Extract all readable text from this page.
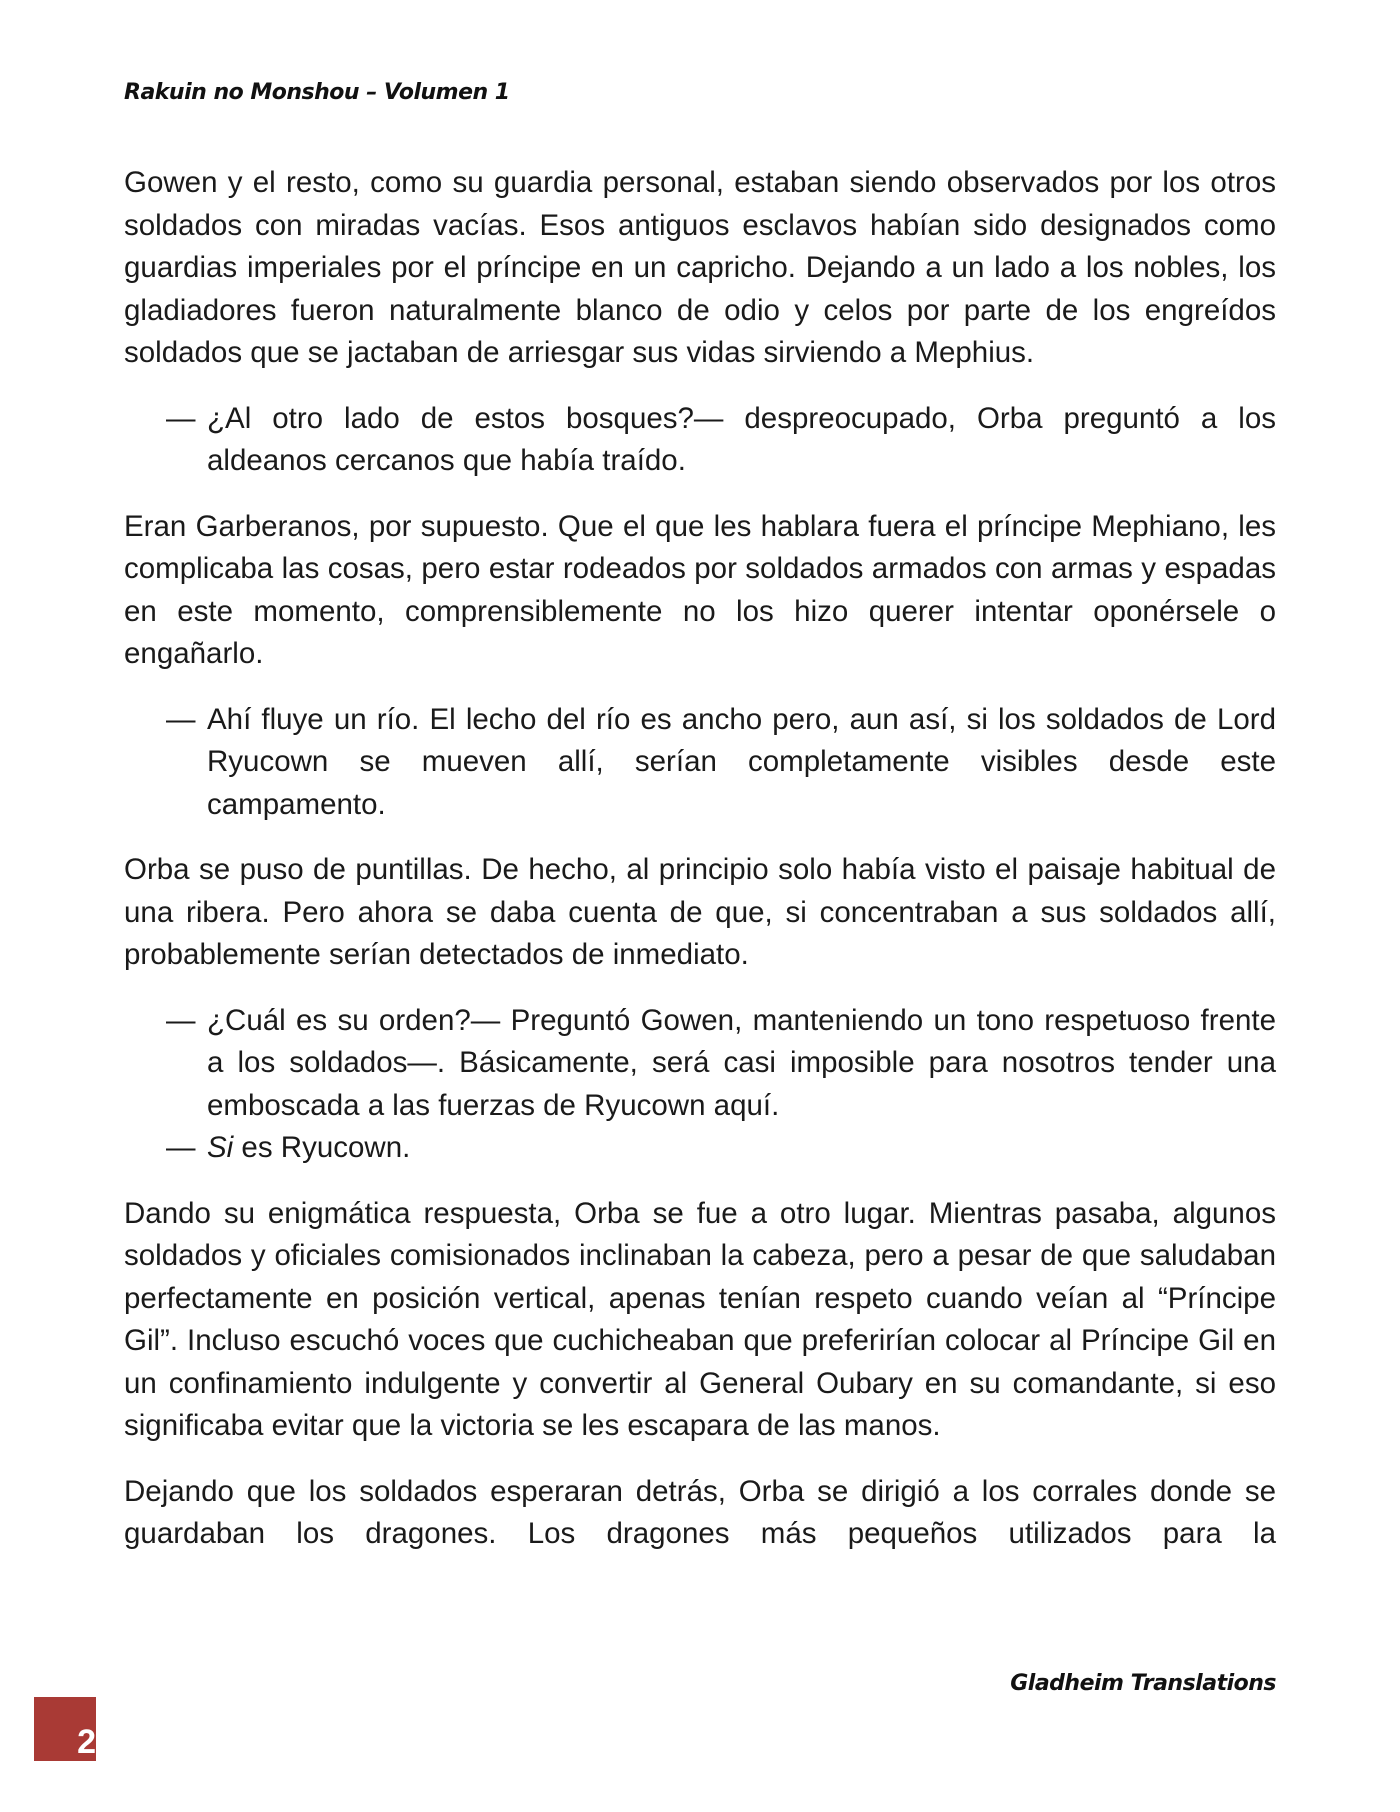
Rakuin no Monshou – Volumen 1

Gowen y el resto, como su guardia personal, estaban siendo observados por los otros soldados con miradas vacías. Esos antiguos esclavos habían sido designados como guardias imperiales por el príncipe en un capricho. Dejando a un lado a los nobles, los gladiadores fueron naturalmente blanco de odio y celos por parte de los engreídos soldados que se jactaban de arriesgar sus vidas sirviendo a Mephius.

— ¿Al otro lado de estos bosques?— despreocupado, Orba preguntó a los aldeanos cercanos que había traído.

Eran Garberanos, por supuesto. Que el que les hablara fuera el príncipe Mephiano, les complicaba las cosas, pero estar rodeados por soldados armados con armas y espadas en este momento, comprensiblemente no los hizo querer intentar oponérsele o engañarlo.

— Ahí fluye un río. El lecho del río es ancho pero, aun así, si los soldados de Lord Ryucown se mueven allí, serían completamente visibles desde este campamento.

Orba se puso de puntillas. De hecho, al principio solo había visto el paisaje habitual de una ribera. Pero ahora se daba cuenta de que, si concentraban a sus soldados allí, probablemente serían detectados de inmediato.

— ¿Cuál es su orden?— Preguntó Gowen, manteniendo un tono respetuoso frente a los soldados—. Básicamente, será casi imposible para nosotros tender una emboscada a las fuerzas de Ryucown aquí.

— Si es Ryucown.

Dando su enigmática respuesta, Orba se fue a otro lugar. Mientras pasaba, algunos soldados y oficiales comisionados inclinaban la cabeza, pero a pesar de que saludaban perfectamente en posición vertical, apenas tenían respeto cuando veían al “Príncipe Gil”. Incluso escuchó voces que cuchicheaban que preferirían colocar al Príncipe Gil en un confinamiento indulgente y convertir al General Oubary en su comandante, si eso significaba evitar que la victoria se les escapara de las manos.

Dejando que los soldados esperaran detrás, Orba se dirigió a los corrales donde se guardaban los dragones. Los dragones más pequeños utilizados para la

Gladheim Translations
2
